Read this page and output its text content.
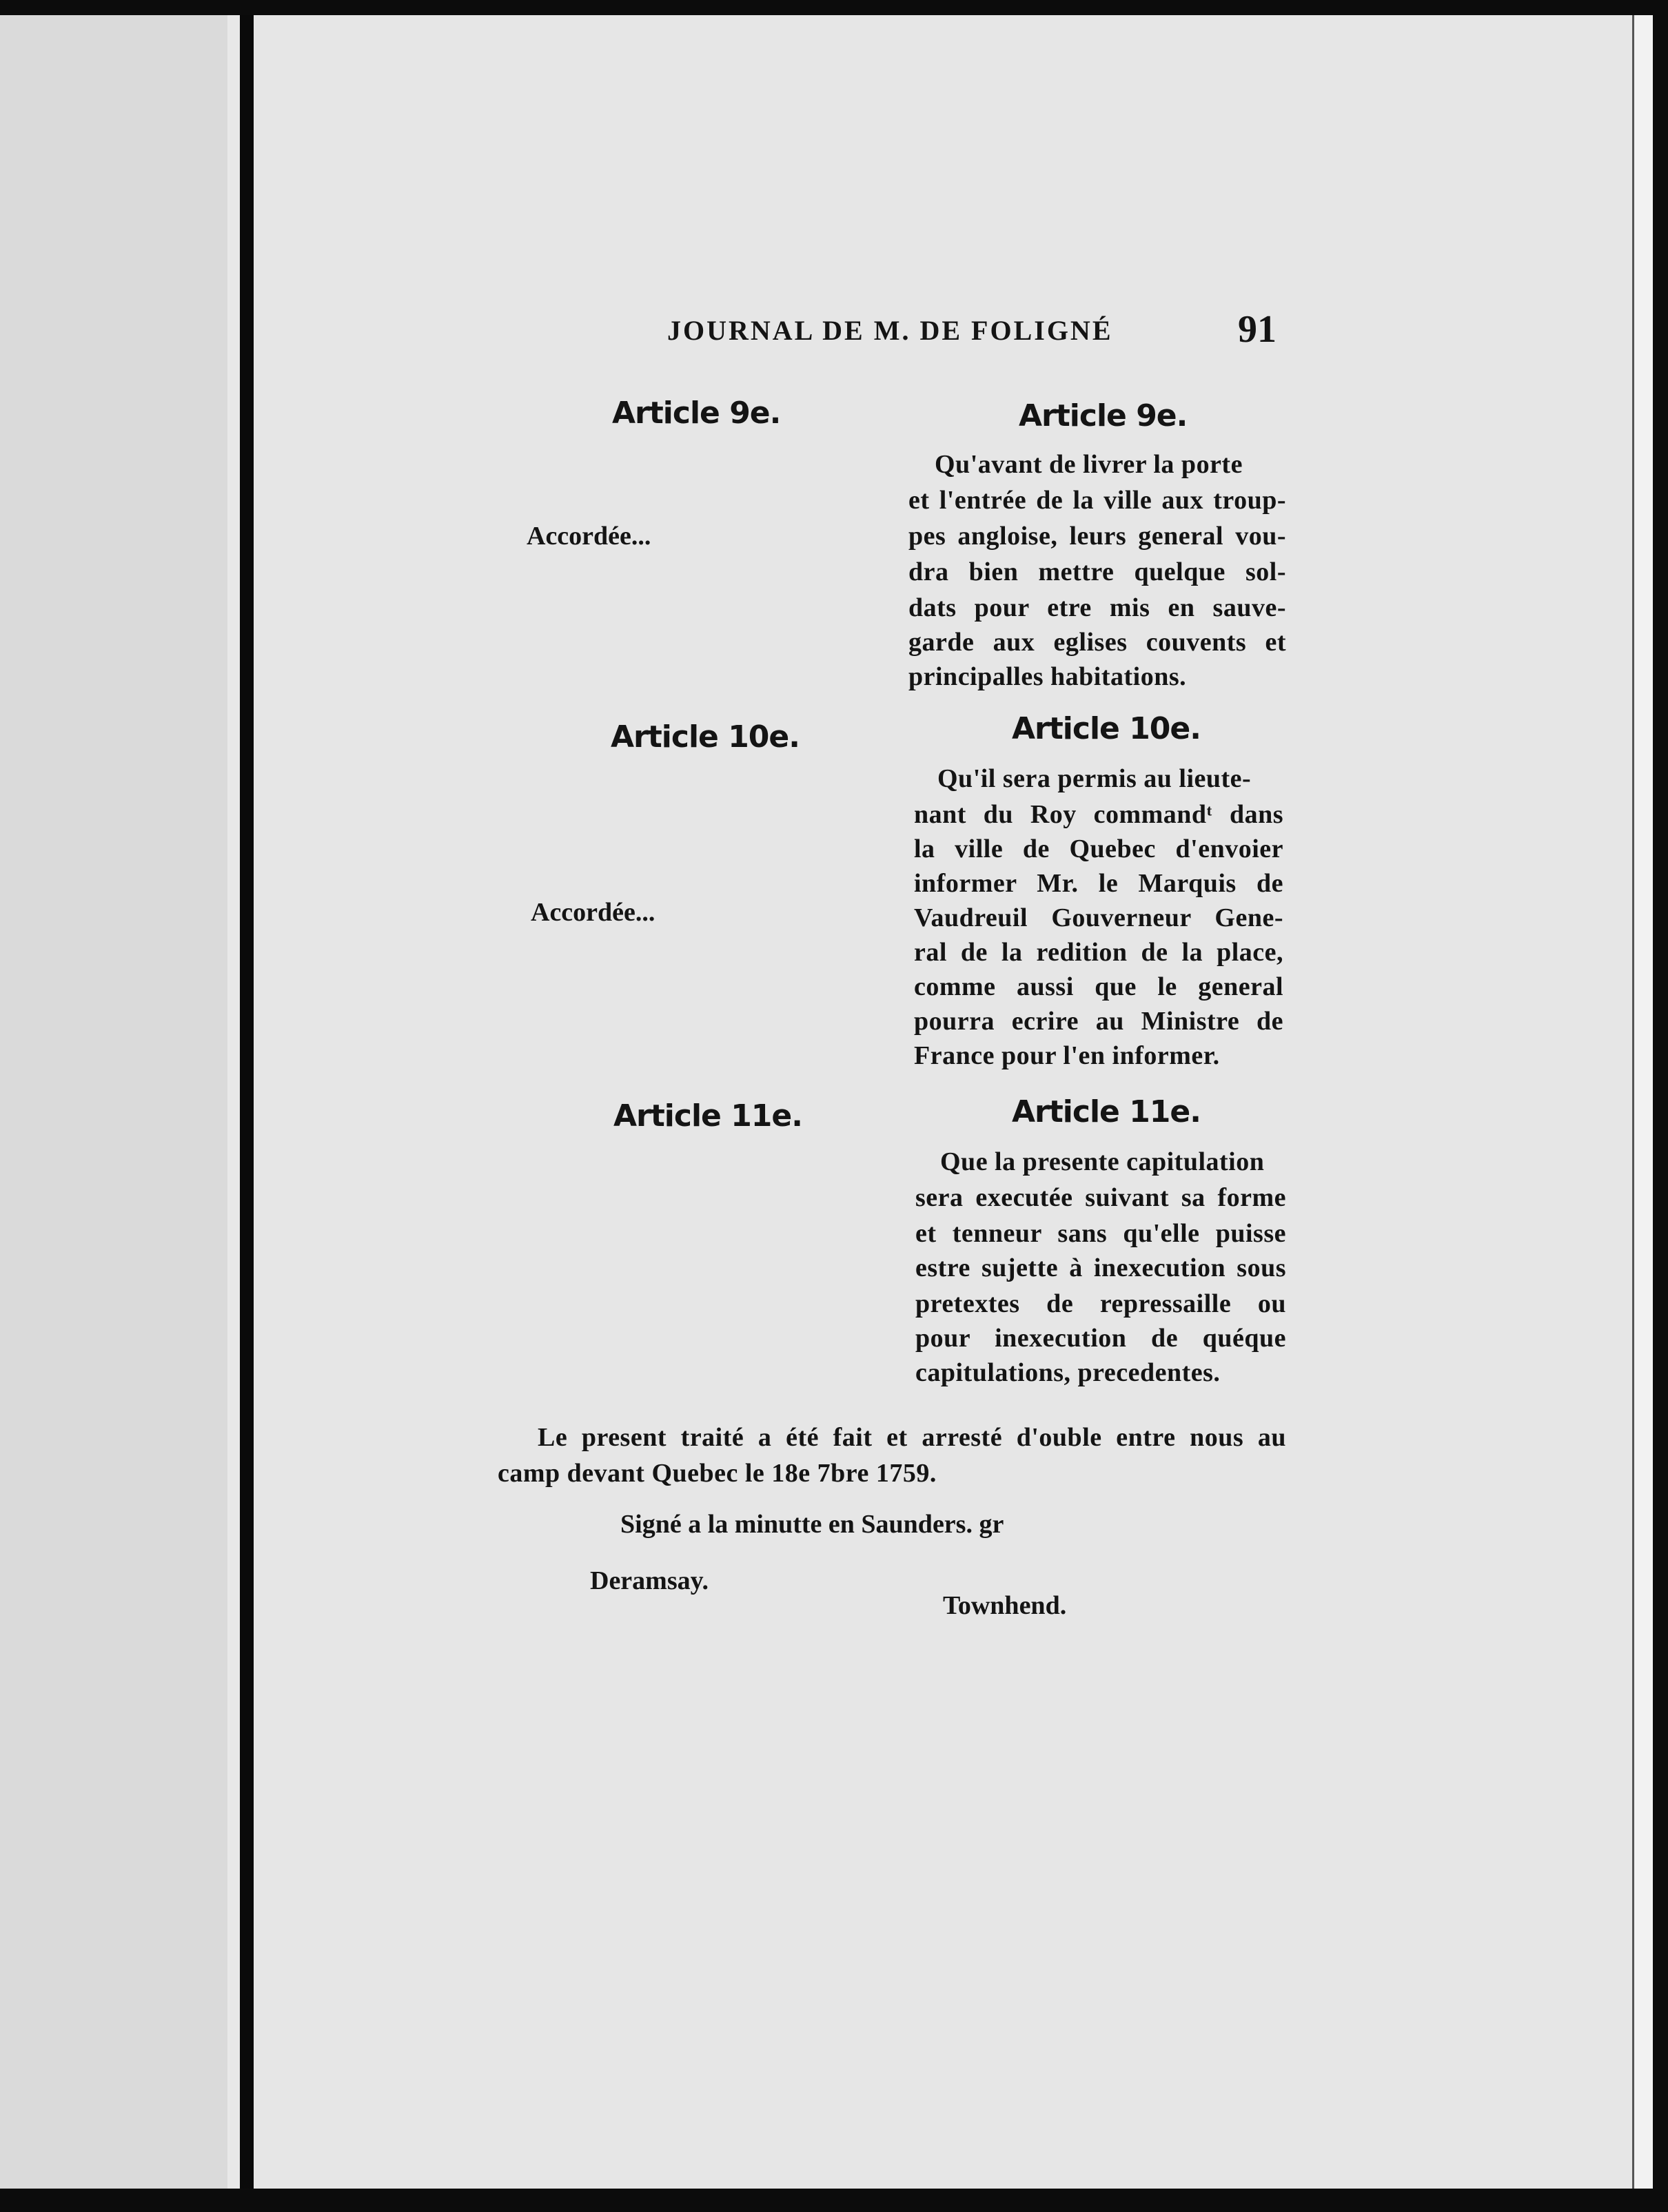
JOURNAL DE M. DE FOLIGNÉ	91
Article 9e.	Article 9e.
Accordée...
Qu'avant de livrer la porte
et l'entrée de la ville aux troup-
pes angloise, leurs general vou-
dra bien mettre quelque sol-
dats pour etre mis en sauve-
garde aux eglises couvents et
principalles habitations.
Article 10e.	Article 10e.
Accordée...
Qu'il sera permis au lieute-
nant du Roy commandᵗ dans
la ville de Quebec d'envoier
informer Mr. le Marquis de
Vaudreuil Gouverneur Gene-
ral de la redition de la place,
comme aussi que le general
pourra ecrire au Ministre de
France pour l'en informer.
Article 11e.	Article 11e.
Que la presente capitulation
sera executée suivant sa forme
et tenneur sans qu'elle puisse
estre sujette à inexecution sous
pretextes de repressaille ou
pour inexecution de quéque
capitulations, precedentes.
Le present traité a été fait et arresté d'ouble entre nous au
camp devant Quebec le 18e 7bre 1759.
Signé a la minutte en Saunders. gr
Deramsay.
Townhend.
